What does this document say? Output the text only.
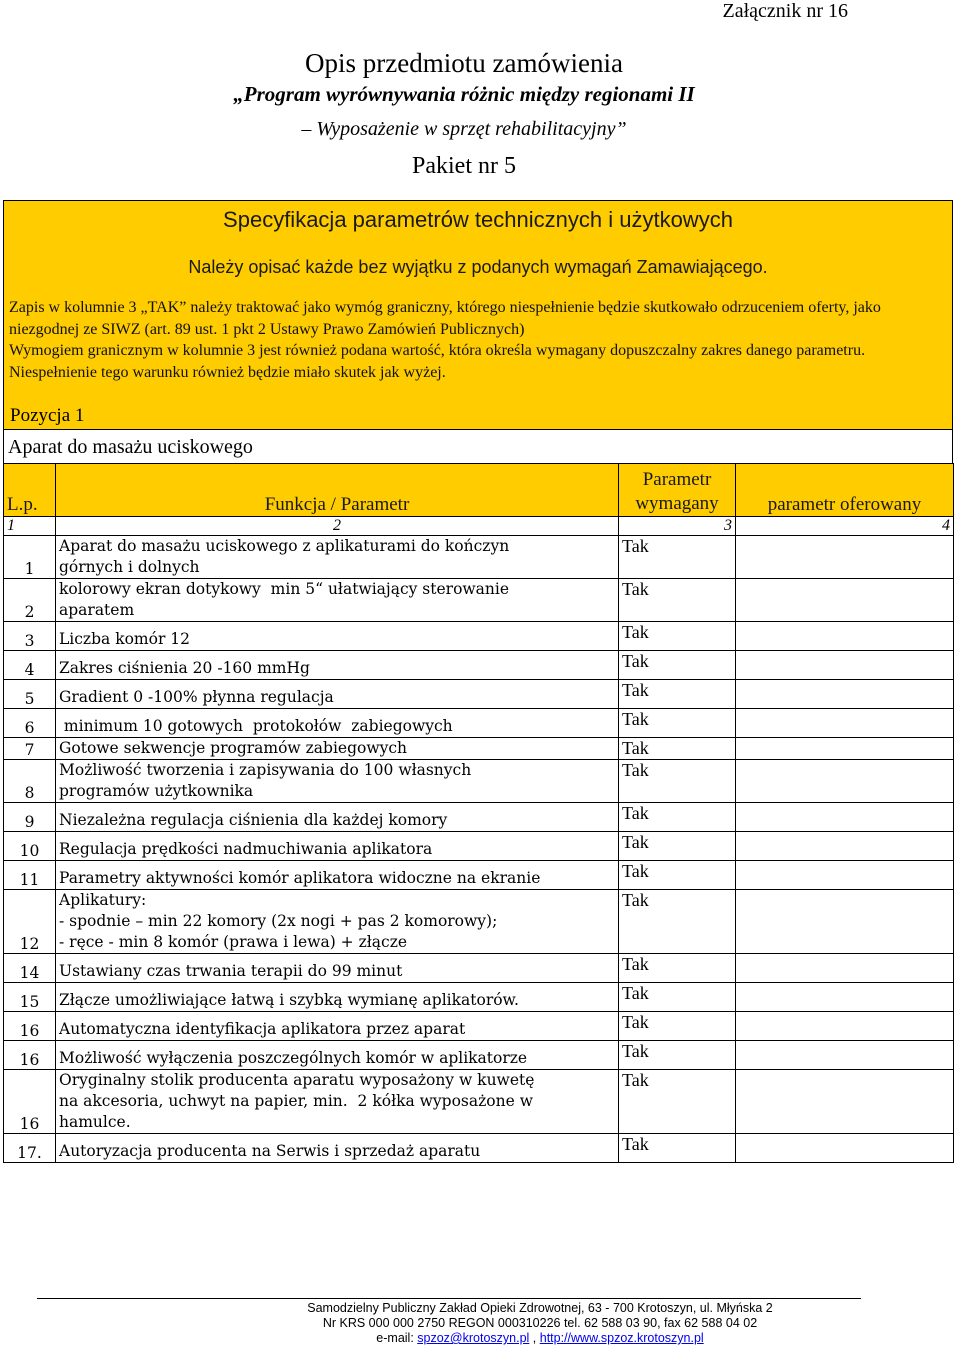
Załącznik nr 16
Opis przedmiotu zamówienia
„Program wyrównywania różnic między regionami II
– Wyposażenie w sprzęt rehabilitacyjny”
Pakiet nr 5
Specyfikacja parametrów technicznych i użytkowych
Należy opisać każde bez wyjątku z podanych wymagań Zamawiającego.

Zapis w kolumnie 3 „TAK” należy traktować jako wymóg graniczny, którego niespełnienie będzie skutkowało odrzuceniem oferty, jako niezgodnej ze SIWZ (art. 89 ust. 1 pkt 2 Ustawy Prawo Zamówień Publicznych)

Wymogiem granicznym w kolumnie 3 jest również podana wartość, która określa wymagany dopuszczalny zakres danego parametru. Niespełnienie tego warunku również będzie miało skutek jak wyżej.

Pozycja 1
Aparat do masażu uciskowego
L.p.	Funkcja / Parametr	Parametr
wymagany	parametr oferowany
1	2	3	4
1	Aparat do masażu uciskowego z aplikaturami do kończyn
górnych i dolnych	Tak	
2	kolorowy ekran dotykowy  min 5“ ułatwiający sterowanie
aparatem	Tak	
3	Liczba komór 12	Tak	
4	Zakres ciśnienia 20 -160 mmHg	Tak	
5	Gradient 0 -100% płynna regulacja	Tak	
6	minimum 10 gotowych  protokołów  zabiegowych	Tak	
7	Gotowe sekwencje programów zabiegowych	Tak	
8	Możliwość tworzenia i zapisywania do 100 własnych
programów użytkownika	Tak	
9	Niezależna regulacja ciśnienia dla każdej komory	Tak	
10	Regulacja prędkości nadmuchiwania aplikatora	Tak	
11	Parametry aktywności komór aplikatora widoczne na ekranie	Tak	
12	Aplikatury:
- spodnie – min 22 komory (2x nogi + pas 2 komorowy);
- ręce - min 8 komór (prawa i lewa) + złącze	Tak	
14	Ustawiany czas trwania terapii do 99 minut	Tak	
15	Złącze umożliwiające łatwą i szybką wymianę aplikatorów.	Tak	
16	Automatyczna identyfikacja aplikatora przez aparat	Tak	
16	Możliwość wyłączenia poszczególnych komór w aplikatorze	Tak	
16	Oryginalny stolik producenta aparatu wyposażony w kuwetę
na akcesoria, uchwyt na papier, min.  2 kółka wyposażone w
hamulce.	Tak	
17.	Autoryzacja producenta na Serwis i sprzedaż aparatu	Tak	
Samodzielny Publiczny Zakład Opieki Zdrowotnej, 63 - 700 Krotoszyn, ul. Młyńska 2
Nr KRS 000 000 2750 REGON 000310226 tel. 62 588 03 90, fax 62 588 04 02
e-mail: spzoz@krotoszyn.pl , http://www.spzoz.krotoszyn.pl
